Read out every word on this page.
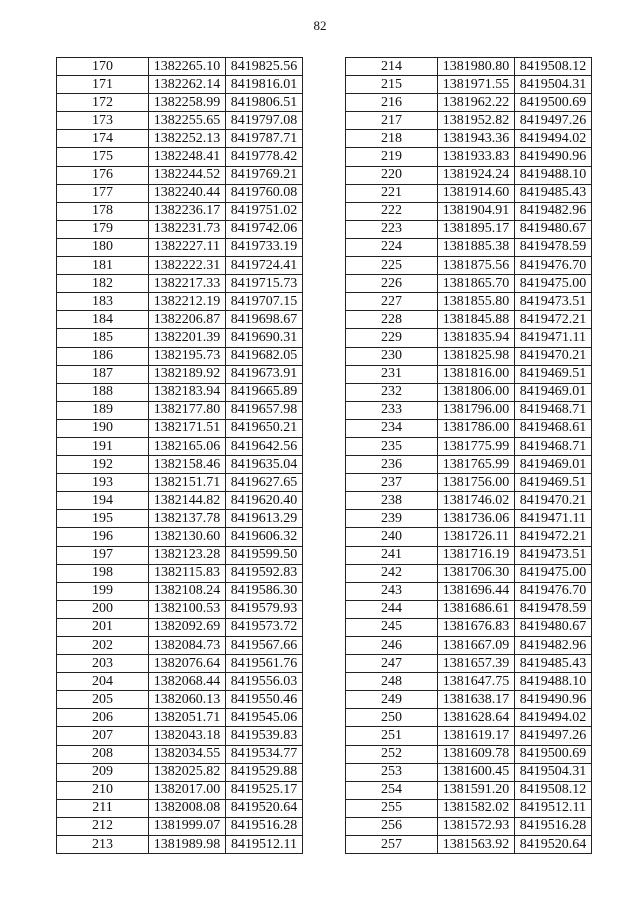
82
170	1382265.10	8419825.56
171	1382262.14	8419816.01
172	1382258.99	8419806.51
173	1382255.65	8419797.08
174	1382252.13	8419787.71
175	1382248.41	8419778.42
176	1382244.52	8419769.21
177	1382240.44	8419760.08
178	1382236.17	8419751.02
179	1382231.73	8419742.06
180	1382227.11	8419733.19
181	1382222.31	8419724.41
182	1382217.33	8419715.73
183	1382212.19	8419707.15
184	1382206.87	8419698.67
185	1382201.39	8419690.31
186	1382195.73	8419682.05
187	1382189.92	8419673.91
188	1382183.94	8419665.89
189	1382177.80	8419657.98
190	1382171.51	8419650.21
191	1382165.06	8419642.56
192	1382158.46	8419635.04
193	1382151.71	8419627.65
194	1382144.82	8419620.40
195	1382137.78	8419613.29
196	1382130.60	8419606.32
197	1382123.28	8419599.50
198	1382115.83	8419592.83
199	1382108.24	8419586.30
200	1382100.53	8419579.93
201	1382092.69	8419573.72
202	1382084.73	8419567.66
203	1382076.64	8419561.76
204	1382068.44	8419556.03
205	1382060.13	8419550.46
206	1382051.71	8419545.06
207	1382043.18	8419539.83
208	1382034.55	8419534.77
209	1382025.82	8419529.88
210	1382017.00	8419525.17
211	1382008.08	8419520.64
212	1381999.07	8419516.28
213	1381989.98	8419512.11
214	1381980.80	8419508.12
215	1381971.55	8419504.31
216	1381962.22	8419500.69
217	1381952.82	8419497.26
218	1381943.36	8419494.02
219	1381933.83	8419490.96
220	1381924.24	8419488.10
221	1381914.60	8419485.43
222	1381904.91	8419482.96
223	1381895.17	8419480.67
224	1381885.38	8419478.59
225	1381875.56	8419476.70
226	1381865.70	8419475.00
227	1381855.80	8419473.51
228	1381845.88	8419472.21
229	1381835.94	8419471.11
230	1381825.98	8419470.21
231	1381816.00	8419469.51
232	1381806.00	8419469.01
233	1381796.00	8419468.71
234	1381786.00	8419468.61
235	1381775.99	8419468.71
236	1381765.99	8419469.01
237	1381756.00	8419469.51
238	1381746.02	8419470.21
239	1381736.06	8419471.11
240	1381726.11	8419472.21
241	1381716.19	8419473.51
242	1381706.30	8419475.00
243	1381696.44	8419476.70
244	1381686.61	8419478.59
245	1381676.83	8419480.67
246	1381667.09	8419482.96
247	1381657.39	8419485.43
248	1381647.75	8419488.10
249	1381638.17	8419490.96
250	1381628.64	8419494.02
251	1381619.17	8419497.26
252	1381609.78	8419500.69
253	1381600.45	8419504.31
254	1381591.20	8419508.12
255	1381582.02	8419512.11
256	1381572.93	8419516.28
257	1381563.92	8419520.64
